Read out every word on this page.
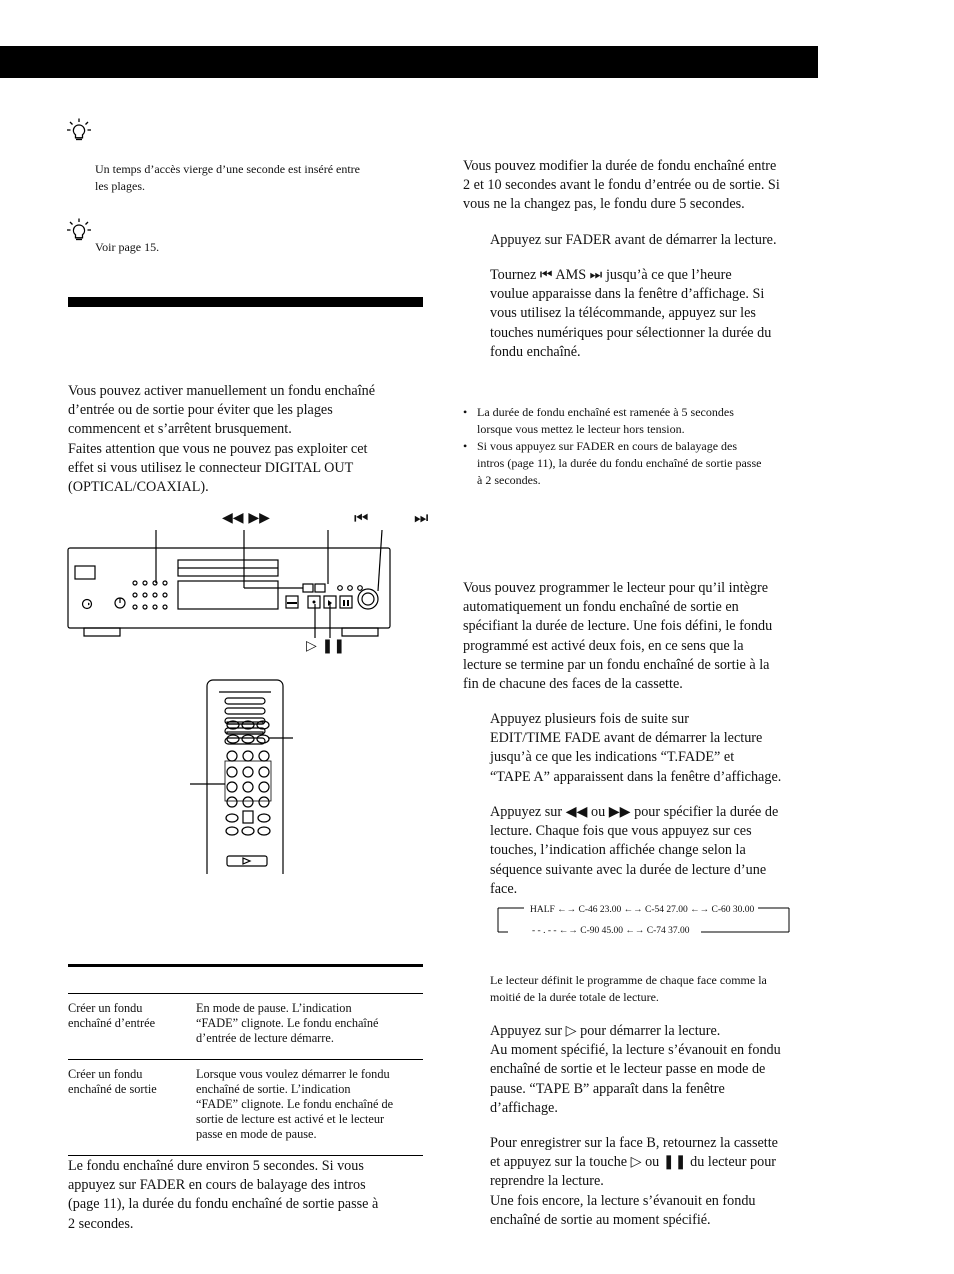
Un temps d’accès vierge d’une seconde est inséré entre
les plages.
Voir page 15.
Vous pouvez activer manuellement un fondu enchaîné
d’entrée ou de sortie pour éviter que les plages
commencent et s’arrêtent brusquement.
Faites attention que vous ne pouvez pas exploiter cet
effet si vous utilisez le connecteur DIGITAL OUT
(OPTICAL/COAXIAL).
◀◀ ▶▶	⏮	⏭
▷ ❚❚
Créer un fondu
enchaîné d’entrée	En mode de pause. L’indication
“FADE” clignote. Le fondu enchaîné
d’entrée de lecture démarre.

Créer un fondu
enchaîné de sortie	Lorsque vous voulez démarrer le fondu
enchaîné de sortie. L’indication
“FADE” clignote. Le fondu enchaîné de
sortie de lecture est activé et le lecteur
passe en mode de pause.
Le fondu enchaîné dure environ 5 secondes. Si vous
appuyez sur FADER en cours de balayage des intros
(page 11), la durée du fondu enchaîné de sortie passe à
2 secondes.
Vous pouvez modifier la durée de fondu enchaîné entre
2 et 10 secondes avant le fondu d’entrée ou de sortie. Si
vous ne la changez pas, le fondu dure 5 secondes.
Appuyez sur FADER avant de démarrer la lecture.
Tournez ⏮ AMS ⏭ jusqu’à ce que l’heure
voulue apparaisse dans la fenêtre d’affichage. Si
vous utilisez la télécommande, appuyez sur les
touches numériques pour sélectionner la durée du
fondu enchaîné.
• La durée de fondu enchaîné est ramenée à 5 secondes
lorsque vous mettez le lecteur hors tension.
• Si vous appuyez sur FADER en cours de balayage des
intros (page 11), la durée du fondu enchaîné de sortie passe
à 2 secondes.
Vous pouvez programmer le lecteur pour qu’il intègre
automatiquement un fondu enchaîné de sortie en
spécifiant la durée de lecture. Une fois défini, le fondu
programmé est activé deux fois, en ce sens que la
lecture se termine par un fondu enchaîné de sortie à la
fin de chacune des faces de la cassette.
Appuyez plusieurs fois de suite sur
EDIT/TIME FADE avant de démarrer la lecture
jusqu’à ce que les indications “T.FADE” et
“TAPE A” apparaissent dans la fenêtre d’affichage.
Appuyez sur ◀◀ ou ▶▶ pour spécifier la durée de
lecture. Chaque fois que vous appuyez sur ces
touches, l’indication affichée change selon la
séquence suivante avec la durée de lecture d’une
face.
HALF ←→ C-46 23.00 ←→ C-54 27.00 ←→ C-60 30.00
- - . - - ←→ C-90 45.00 ←→ C-74 37.00
Le lecteur définit le programme de chaque face comme la
moitié de la durée totale de lecture.
Appuyez sur ▷ pour démarrer la lecture.
Au moment spécifié, la lecture s’évanouit en fondu
enchaîné de sortie et le lecteur passe en mode de
pause. “TAPE B” apparaît dans la fenêtre
d’affichage.
Pour enregistrer sur la face B, retournez la cassette
et appuyez sur la touche ▷ ou ❚❚ du lecteur pour
reprendre la lecture.
Une fois encore, la lecture s’évanouit en fondu
enchaîné de sortie au moment spécifié.
